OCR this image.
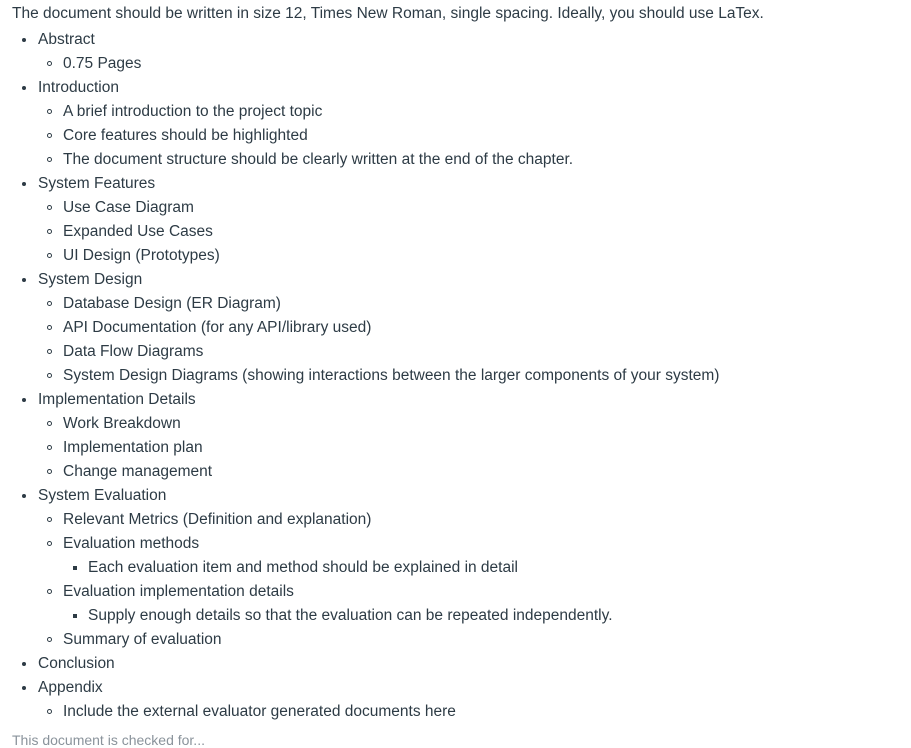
The document should be written in size 12, Times New Roman, single spacing. Ideally, you should use LaTex.

Abstract
0.75 Pages
Introduction
A brief introduction to the project topic
Core features should be highlighted
The document structure should be clearly written at the end of the chapter.
System Features
Use Case Diagram
Expanded Use Cases
UI Design (Prototypes)
System Design
Database Design (ER Diagram)
API Documentation (for any API/library used)
Data Flow Diagrams
System Design Diagrams (showing interactions between the larger components of your system)
Implementation Details
Work Breakdown
Implementation plan
Change management
System Evaluation
Relevant Metrics (Definition and explanation)
Evaluation methods
Each evaluation item and method should be explained in detail
Evaluation implementation details
Supply enough details so that the evaluation can be repeated independently.
Summary of evaluation
Conclusion
Appendix
Include the external evaluator generated documents here
This document is checked for...
